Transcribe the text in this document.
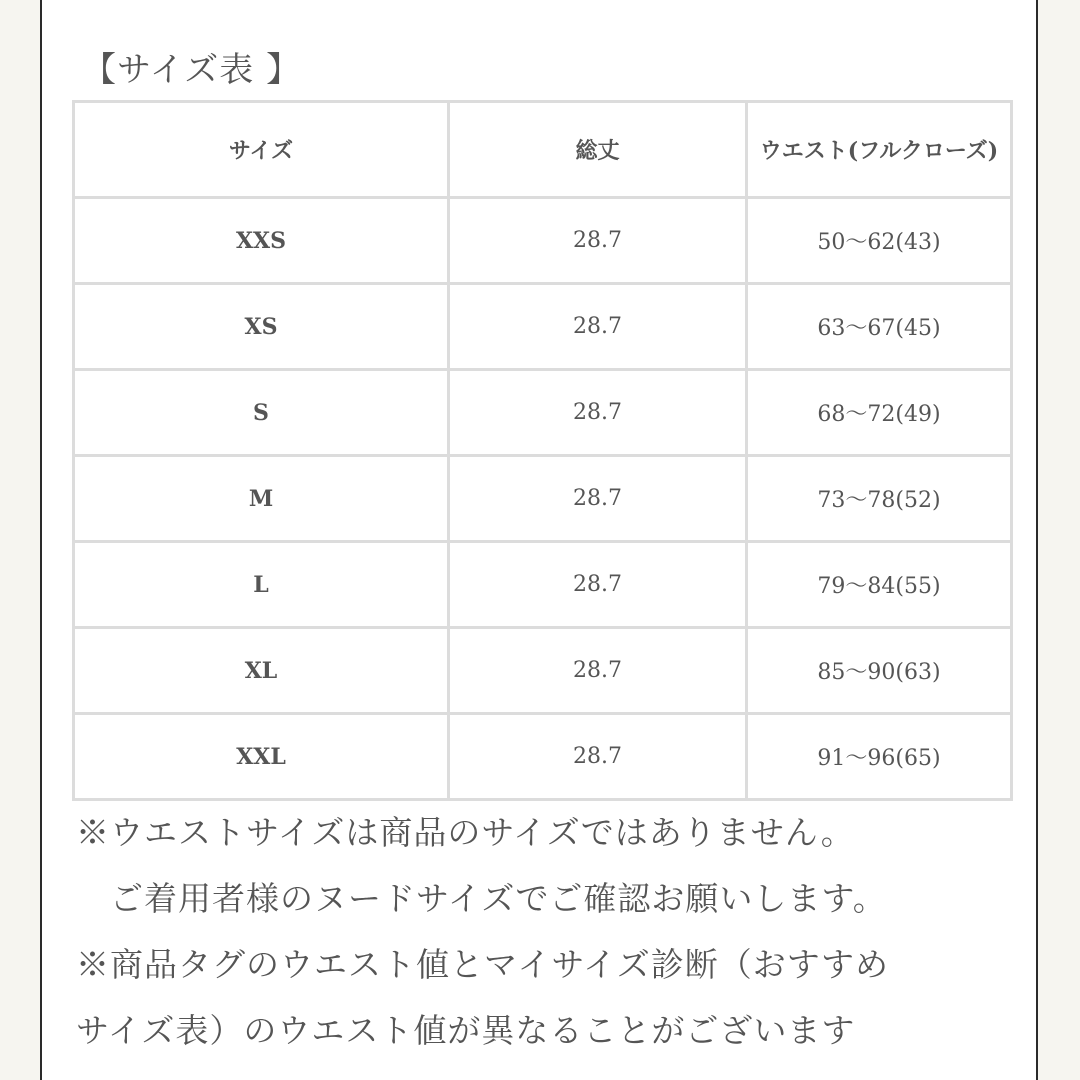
【サイズ表 】
サイズ	総丈	ウエスト(フルクローズ)
XXS	28.7	50〜62(43)
XS	28.7	63〜67(45)
S	28.7	68〜72(49)
M	28.7	73〜78(52)
L	28.7	79〜84(55)
XL	28.7	85〜90(63)
XXL	28.7	91〜96(65)
※ウエストサイズは商品のサイズではありません。
　ご着用者様のヌードサイズでご確認お願いします。
※商品タグのウエスト値とマイサイズ診断（おすすめ
サイズ表）のウエスト値が異なることがございます
